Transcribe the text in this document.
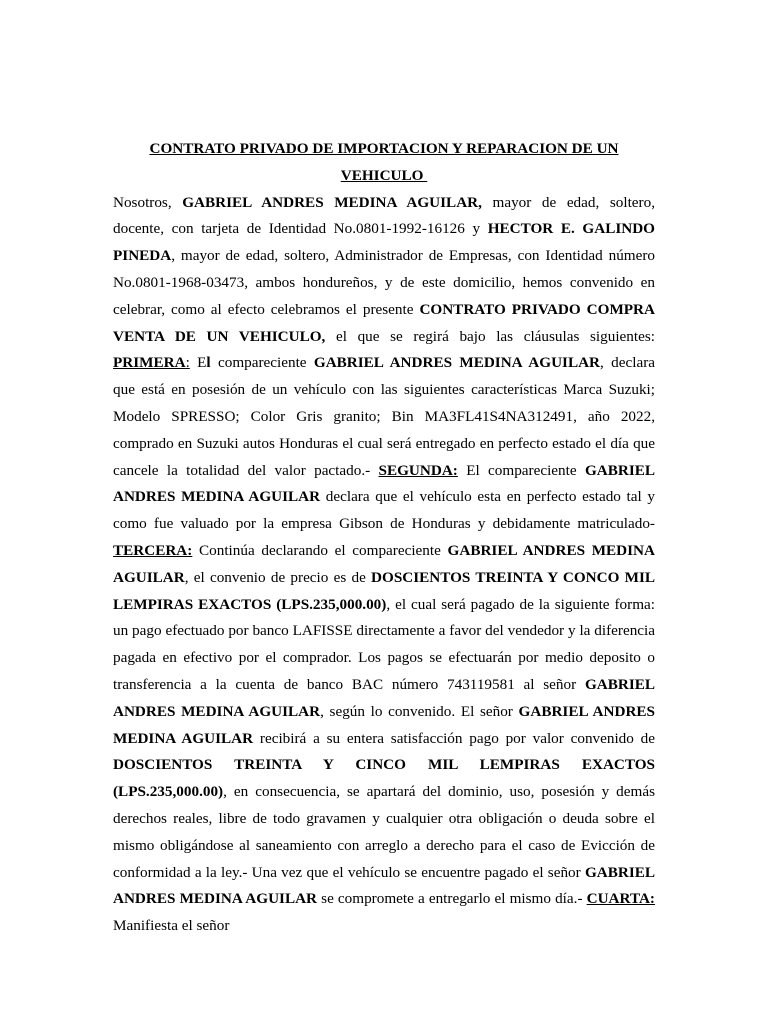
CONTRATO PRIVADO DE IMPORTACION Y REPARACION DE UN
VEHICULO

Nosotros, GABRIEL ANDRES MEDINA AGUILAR, mayor de edad, soltero, docente, con tarjeta de Identidad No.0801-1992-16126 y HECTOR E. GALINDO PINEDA, mayor de edad, soltero, Administrador de Empresas, con Identidad número No.0801-1968-03473, ambos hondureños, y de este domicilio, hemos convenido en celebrar, como al efecto celebramos el presente CONTRATO PRIVADO COMPRA VENTA DE UN VEHICULO, el que se regirá bajo las cláusulas siguientes: PRIMERA: El compareciente GABRIEL ANDRES MEDINA AGUILAR, declara que está en posesión de un vehículo con las siguientes características Marca Suzuki; Modelo SPRESSO; Color Gris granito; Bin MA3FL41S4NA312491, año 2022, comprado en Suzuki autos Honduras el cual será entregado en perfecto estado el día que cancele la totalidad del valor pactado.- SEGUNDA: El compareciente GABRIEL ANDRES MEDINA AGUILAR declara que el vehículo esta en perfecto estado tal y como fue valuado por la empresa Gibson de Honduras y debidamente matriculado- TERCERA: Continúa declarando el compareciente GABRIEL ANDRES MEDINA AGUILAR, el convenio de precio es de DOSCIENTOS TREINTA Y CONCO MIL LEMPIRAS EXACTOS (LPS.235,000.00), el cual será pagado de la siguiente forma: un pago efectuado por banco LAFISSE directamente a favor del vendedor y la diferencia pagada en efectivo por el comprador. Los pagos se efectuarán por medio deposito o transferencia a la cuenta de banco BAC número 743119581 al señor GABRIEL ANDRES MEDINA AGUILAR, según lo convenido. El señor GABRIEL ANDRES MEDINA AGUILAR recibirá a su entera satisfacción pago por valor convenido de DOSCIENTOS TREINTA Y CINCO MIL LEMPIRAS EXACTOS (LPS.235,000.00), en consecuencia, se apartará del dominio, uso, posesión y demás derechos reales, libre de todo gravamen y cualquier otra obligación o deuda sobre el mismo obligándose al saneamiento con arreglo a derecho para el caso de Evicción de conformidad a la ley.- Una vez que el vehículo se encuentre pagado el señor GABRIEL ANDRES MEDINA AGUILAR se compromete a entregarlo el mismo día.- CUARTA: Manifiesta el señor
